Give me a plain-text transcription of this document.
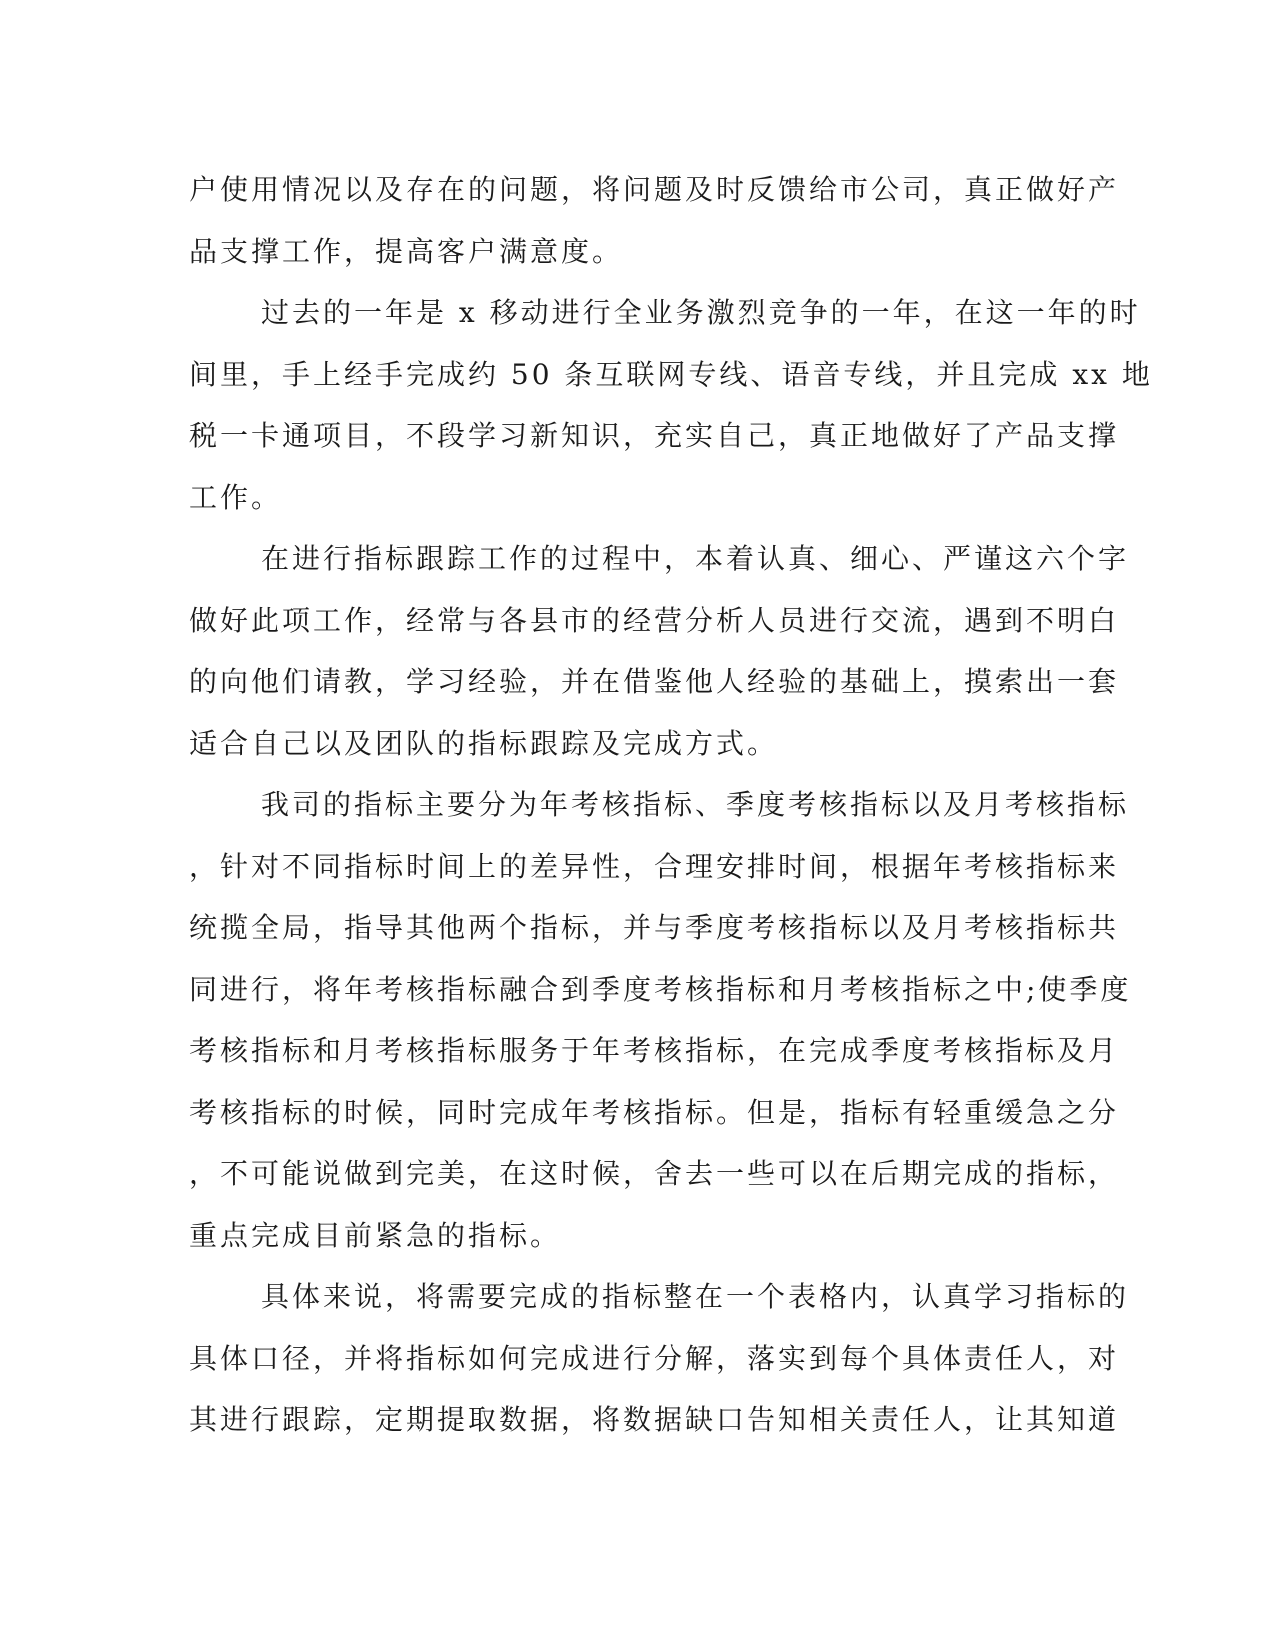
户使用情况以及存在的问题，将问题及时反馈给市公司，真正做好产
品支撑工作，提高客户满意度。
过去的一年是 x 移动进行全业务激烈竞争的一年，在这一年的时
间里，手上经手完成约 50 条互联网专线、语音专线，并且完成 xx 地
税一卡通项目，不段学习新知识，充实自己，真正地做好了产品支撑
工作。
在进行指标跟踪工作的过程中，本着认真、细心、严谨这六个字
做好此项工作，经常与各县市的经营分析人员进行交流，遇到不明白
的向他们请教，学习经验，并在借鉴他人经验的基础上，摸索出一套
适合自己以及团队的指标跟踪及完成方式。
我司的指标主要分为年考核指标、季度考核指标以及月考核指标
，针对不同指标时间上的差异性，合理安排时间，根据年考核指标来
统揽全局，指导其他两个指标，并与季度考核指标以及月考核指标共
同进行，将年考核指标融合到季度考核指标和月考核指标之中;使季度
考核指标和月考核指标服务于年考核指标，在完成季度考核指标及月
考核指标的时候，同时完成年考核指标。但是，指标有轻重缓急之分
，不可能说做到完美，在这时候，舍去一些可以在后期完成的指标，
重点完成目前紧急的指标。
具体来说，将需要完成的指标整在一个表格内，认真学习指标的
具体口径，并将指标如何完成进行分解，落实到每个具体责任人，对
其进行跟踪，定期提取数据，将数据缺口告知相关责任人，让其知道
